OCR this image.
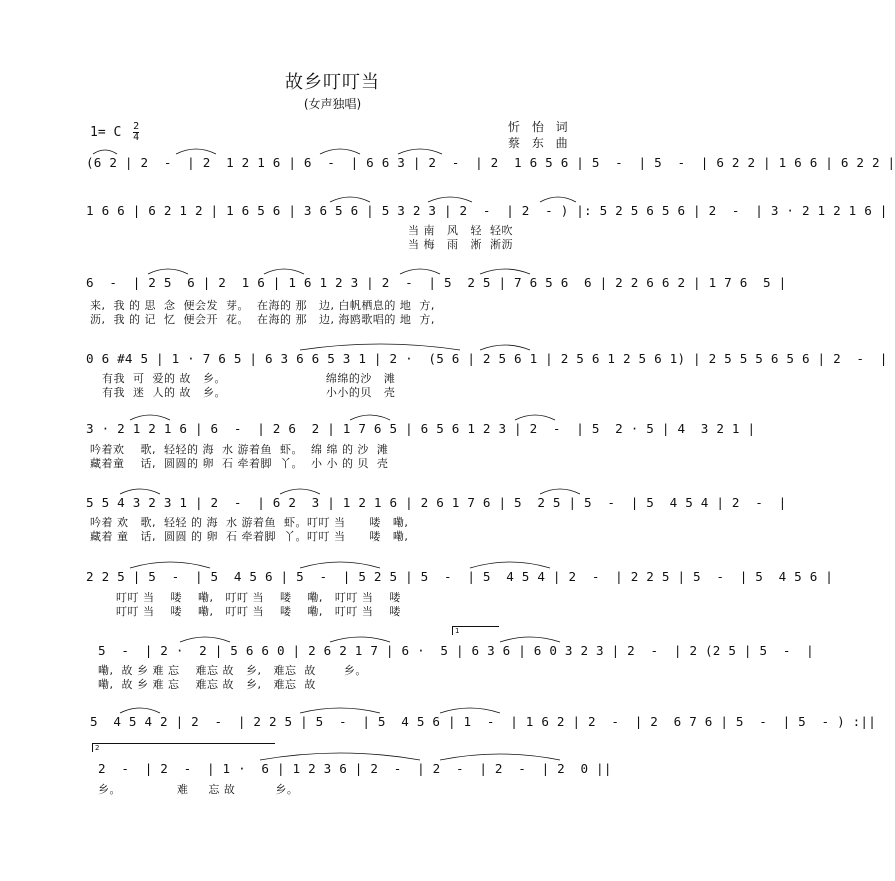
故乡叮叮当
(女声独唱)
1= C $\frac{2}{4}$	忻 怡 词
蔡 东 曲
(6 2 | 2  -  | 2  1 2 1 6 | 6  -  | 6 6 3 | 2  -  | 2  1 6 5 6 | 5  -  | 5  -  | 6 2 2 | 1 6 6 | 6 2 2 |
1 6 6 | 6 2 1 2 | 1 6 5 6 | 3 6 5 6 | 5 3 2 3 | 2  -  | 2  - ) |: 5 2 5 6 5 6 | 2  -  | 3 · 2 1 2 1 6 |
当 南   风   轻  轻吹
当 梅   雨   淅  淅沥
6  -  | 2 5  6 | 2  1 6 | 1 6 1 2 3 | 2  -  | 5  2 5 | 7 6 5 6  6 | 2 2 6 6 2 | 1 7 6  5 |
来,  我 的 思  念  便会发  芽。  在海的 那   边, 白帆栖息的 地  方,
沥,  我 的 记  忆  便会开  花。  在海的 那   边, 海鸥歌唱的 地  方,
0 6 #4 5 | 1 · 7 6 5 | 6 3 6 6 5 3 1 | 2 ·  (5 6 | 2 5 6 1 | 2 5 6 1 2 5 6 1) | 2 5 5 5 6 5 6 | 2  -  |
有我  可  爱的 故   乡。                         绵绵的沙   滩
有我  迷  人的 故   乡。                         小小的贝   壳
3 · 2 1 2 1 6 | 6  -  | 2 6  2 | 1 7 6 5 | 6 5 6 1 2 3 | 2  -  | 5  2 · 5 | 4  3 2 1 |
吟着欢    歌,  轻轻的 海  水 游着鱼  虾。  绵 绵 的 沙  滩
藏着童    话,  圆圆的 卵  石 牵着脚  丫。  小 小 的 贝  壳
5 5 4 3 2 3 1 | 2  -  | 6 2  3 | 1 2 1 6 | 2 6 1 7 6 | 5  2 5 | 5  -  | 5  4 5 4 | 2  -  |
吟着 欢   歌,  轻轻 的 海  水 游着鱼  虾。叮叮 当      喽   嘞,
藏着 童   话,  圆圆 的 卵  石 牵着脚  丫。叮叮 当      喽   嘞,
2 2 5 | 5  -  | 5  4 5 6 | 5  -  | 5 2 5 | 5  -  | 5  4 5 4 | 2  -  | 2 2 5 | 5  -  | 5  4 5 6 |
叮叮 当    喽    嘞,   叮叮 当    喽    嘞,   叮叮 当    喽
叮叮 当    喽    嘞,   叮叮 当    喽    嘞,   叮叮 当    喽
1
5  -  | 2 ·  2 | 5 6 6 0 | 2 6 2 1 7 | 6 ·  5 | 6 3 6 | 6 0 3 2 3 | 2  -  | 2 (2 5 | 5  -  |
嘞,  故 乡 难 忘    难忘 故   乡,   难忘  故       乡。
嘞,  故 乡 难 忘    难忘 故   乡,   难忘  故
5  4 5 4 2 | 2  -  | 2 2 5 | 5  -  | 5  4 5 6 | 1  -  | 1 6 2 | 2  -  | 2  6 7 6 | 5  -  | 5  - ) :||
2
2  -  | 2  -  | 1 ·  6 | 1 2 3 6 | 2  -  | 2  -  | 2  -  | 2  0 ||
乡。              难     忘 故          乡。
